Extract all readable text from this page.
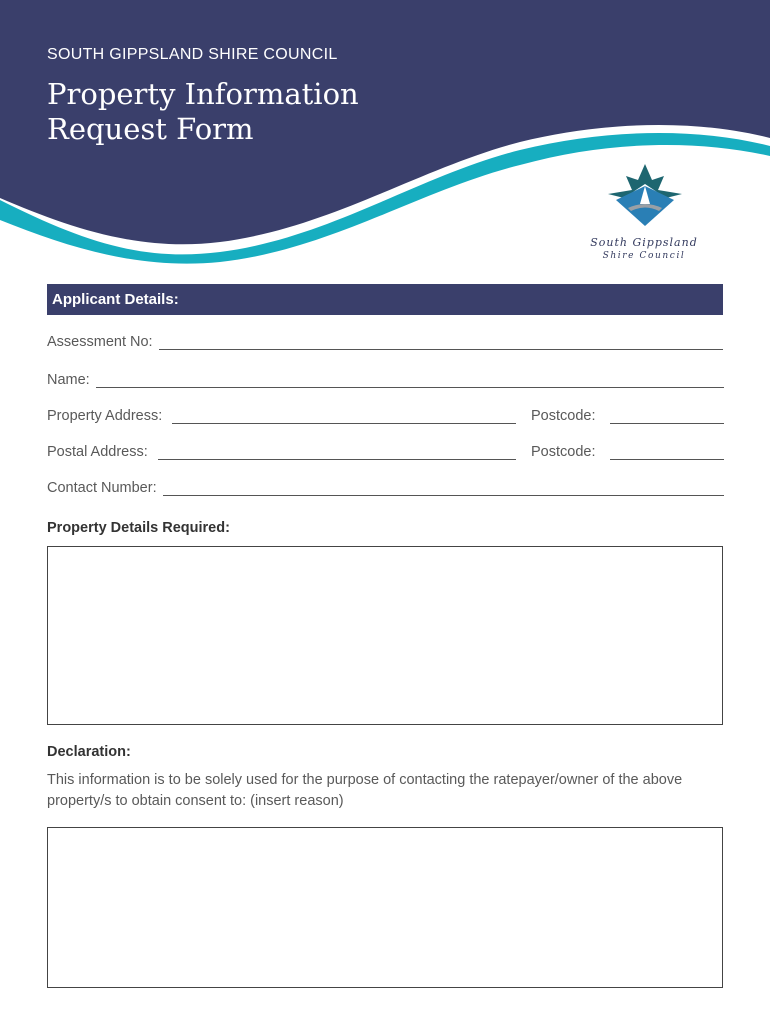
SOUTH GIPPSLAND SHIRE COUNCIL
Property Information
Request Form
South Gippsland
Shire Council
Applicant Details:
Assessment No:
Name:
Property Address:	Postcode:
Postal Address:	Postcode:
Contact Number:
Property Details Required:
Declaration:
This information is to be solely used for the purpose of contacting the ratepayer/owner of the above property/s to obtain consent to: (insert reason)
